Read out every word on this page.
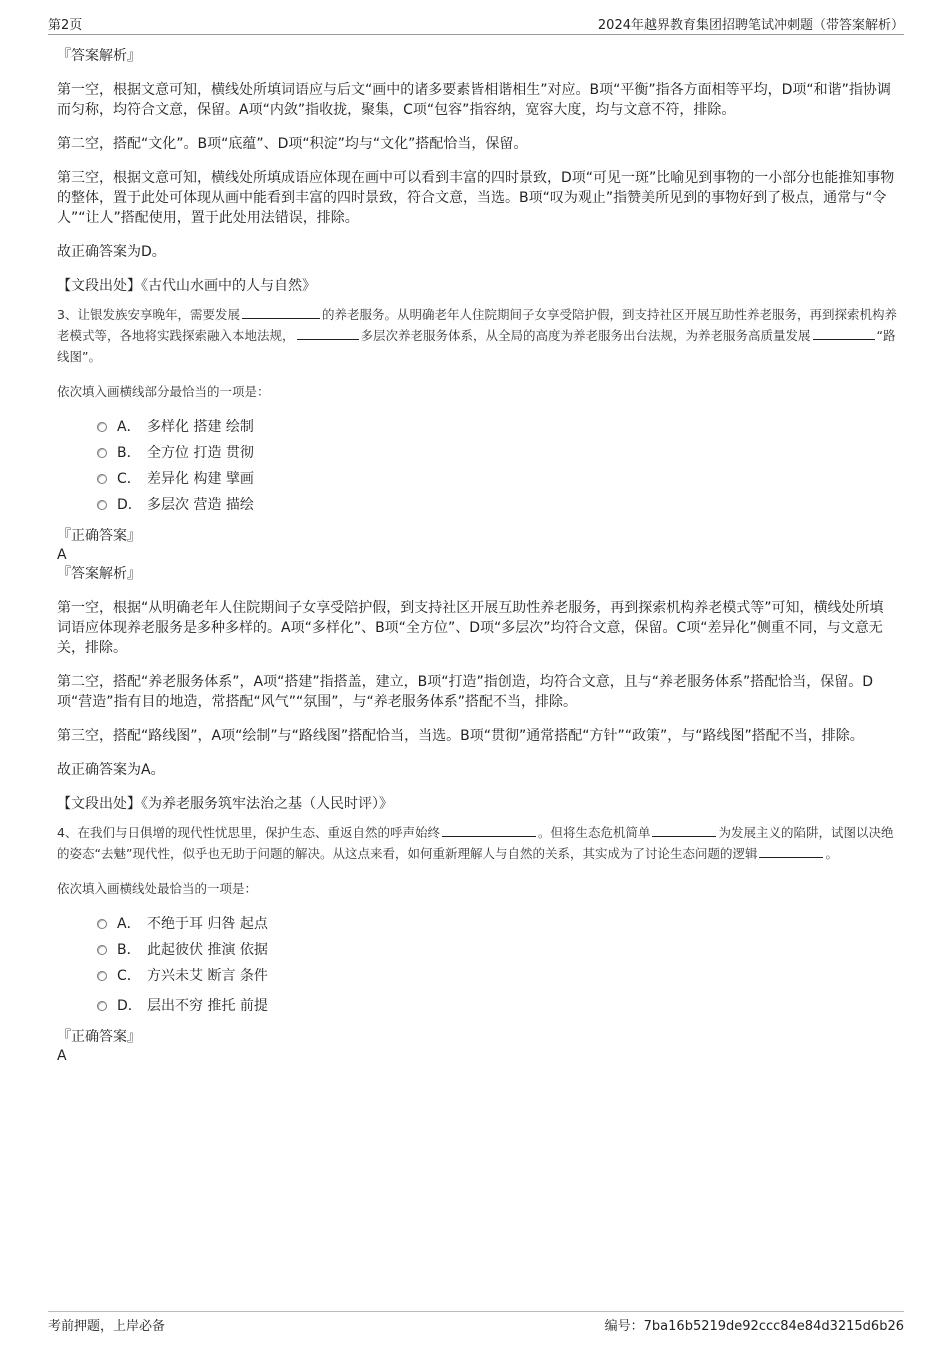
第2页	2024年越界教育集团招聘笔试冲刺题（带答案解析）

『答案解析』

第一空，根据文意可知，横线处所填词语应与后文“画中的诸多要素皆相谐相生”对应。B项“平衡”指各方面相等平均，D项“和谐”指协调而匀称，均符合文意，保留。A项“内敛”指收拢，聚集，C项“包容”指容纳，宽容大度，均与文意不符，排除。

第二空，搭配“文化”。B项“底蕴”、D项“积淀”均与“文化”搭配恰当，保留。

第三空，根据文意可知，横线处所填成语应体现在画中可以看到丰富的四时景致，D项“可见一斑”比喻见到事物的一小部分也能推知事物的整体，置于此处可体现从画中能看到丰富的四时景致，符合文意，当选。B项“叹为观止”指赞美所见到的事物好到了极点，通常与“令人”“让人”搭配使用，置于此处用法错误，排除。

故正确答案为D。

【文段出处】《古代山水画中的人与自然》

3、让银发族安享晚年，需要发展	的养老服务。从明确老年人住院期间子女享受陪护假，到支持社区开展互助性养老服务，再到探索机构养老模式等，各地将实践探索融入本地法规，	多层次养老服务体系，从全局的高度为养老服务出台法规，为养老服务高质量发展	“路线图”。

依次填入画横线部分最恰当的一项是：

A． 多样化 搭建 绘制
B． 全方位 打造 贯彻
C． 差异化 构建 擘画
D． 多层次 营造 描绘

『正确答案』

A

『答案解析』

第一空，根据“从明确老年人住院期间子女享受陪护假，到支持社区开展互助性养老服务，再到探索机构养老模式等”可知，横线处所填词语应体现养老服务是多种多样的。A项“多样化”、B项“全方位”、D项“多层次”均符合文意，保留。C项“差异化”侧重不同，与文意无关，排除。

第二空，搭配“养老服务体系”，A项“搭建”指搭盖，建立，B项“打造”指创造，均符合文意，且与“养老服务体系”搭配恰当，保留。D项“营造”指有目的地造，常搭配“风气”“氛围”，与“养老服务体系”搭配不当，排除。

第三空，搭配“路线图”，A项“绘制”与“路线图”搭配恰当，当选。B项“贯彻”通常搭配“方针”“政策”，与“路线图”搭配不当，排除。

故正确答案为A。

【文段出处】《为养老服务筑牢法治之基（人民时评）》

4、在我们与日俱增的现代性忧思里，保护生态、重返自然的呼声始终	。但将生态危机简单	为发展主义的陷阱，试图以决绝的姿态“去魅”现代性，似乎也无助于问题的解决。从这点来看，如何重新理解人与自然的关系，其实成为了讨论生态问题的逻辑	。

依次填入画横线处最恰当的一项是：

A． 不绝于耳 归咎 起点
B． 此起彼伏 推演 依据
C． 方兴未艾 断言 条件
D． 层出不穷 推托 前提

『正确答案』

A

考前押题，上岸必备	编号：7ba16b5219de92ccc84e84d3215d6b26
